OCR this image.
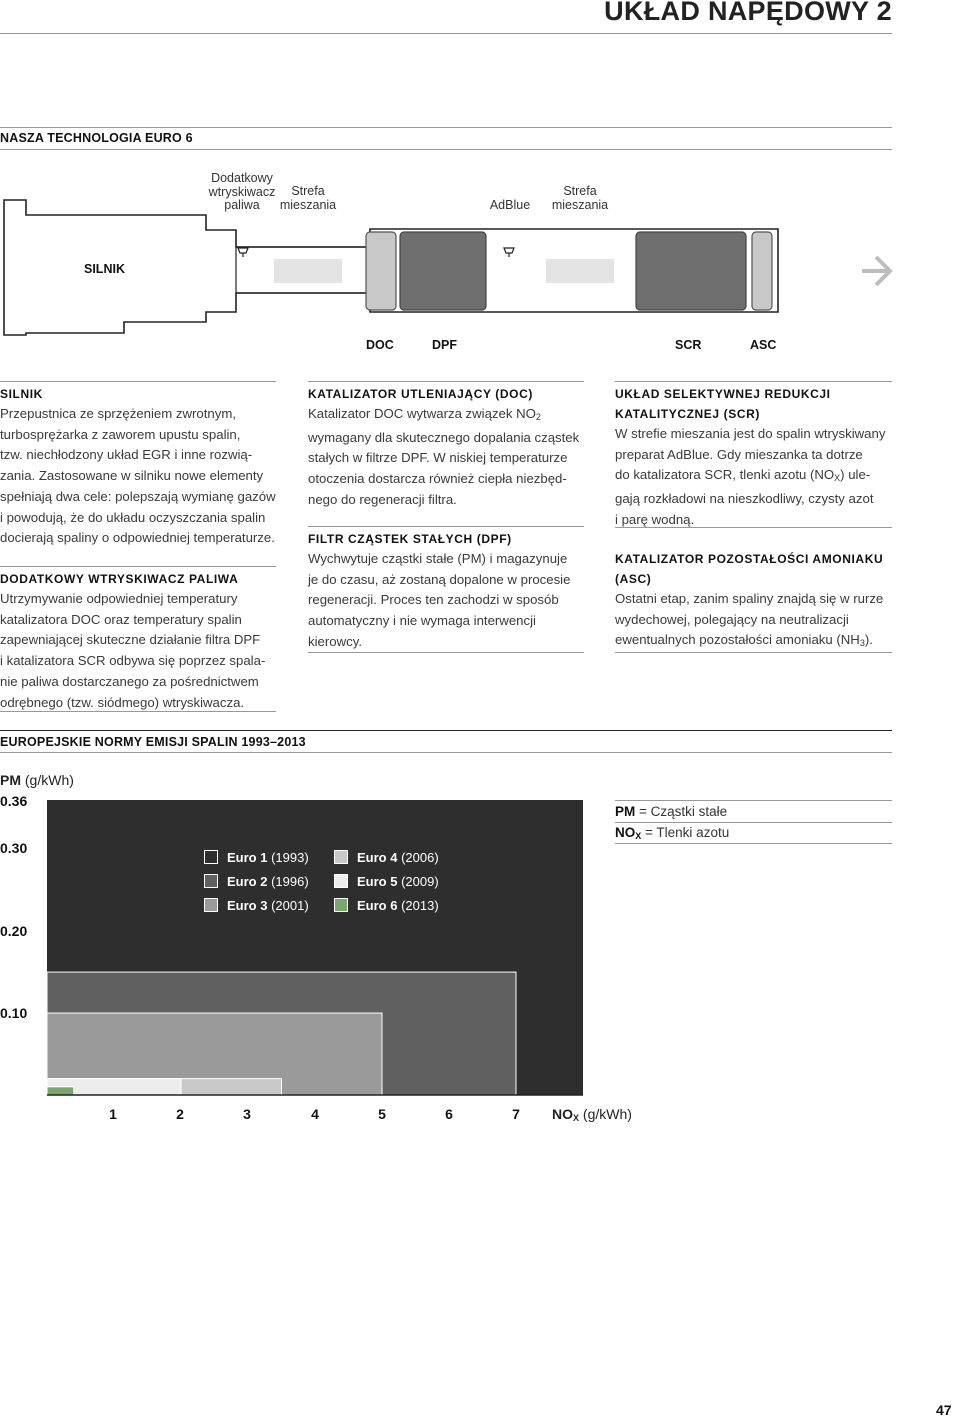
UKŁAD NAPĘDOWY 2
NASZA TECHNOLOGIA EURO 6
Dodatkowy
wtryskiwacz
paliwa
Strefa
mieszania	AdBlue
Strefa
mieszania
SILNIK
DOC	DPF	SCR	ASC

SILNIK

Przepustnica ze sprzężeniem zwrotnym,
turbosprężarka z zaworem upustu spalin,
tzw. niechłodzony układ EGR i inne rozwią-
zania. Zastosowane w silniku nowe elementy
spełniają dwa cele: polepszają wymianę gazów
i powodują, że do układu oczyszczania spalin
docierają spaliny o odpowiedniej temperaturze.

DODATKOWY WTRYSKIWACZ PALIWA

Utrzymywanie odpowiedniej temperatury
katalizatora DOC oraz temperatury spalin
zapewniającej skuteczne działanie filtra DPF
i katalizatora SCR odbywa się poprzez spala-
nie paliwa dostarczanego za pośrednictwem
odrębnego (tzw. siódmego) wtryskiwacza.

KATALIZATOR UTLENIAJĄCY (DOC)

Katalizator DOC wytwarza związek NO2
wymagany dla skutecznego dopalania cząstek
stałych w filtrze DPF. W niskiej temperaturze
otoczenia dostarcza również ciepła niezbęd-
nego do regeneracji filtra.

FILTR CZĄSTEK STAŁYCH (DPF)

Wychwytuje cząstki stałe (PM) i magazynuje
je do czasu, aż zostaną dopalone w procesie
regeneracji. Proces ten zachodzi w sposób
automatyczny i nie wymaga interwencji
kierowcy.

UKŁAD SELEKTYWNEJ REDUKCJI

KATALITYCZNEJ (SCR)

W strefie mieszania jest do spalin wtryskiwany
preparat AdBlue. Gdy mieszanka ta dotrze
do katalizatora SCR, tlenki azotu (NOX) ule-
gają rozkładowi na nieszkodliwy, czysty azot
i parę wodną.

KATALIZATOR POZOSTAŁOŚCI AMONIAKU

(ASC)

Ostatni etap, zanim spaliny znajdą się w rurze
wydechowej, polegający na neutralizacji
ewentualnych pozostałości amoniaku (NH3).

EUROPEJSKIE NORMY EMISJI SPALIN 1993–2013
PM (g/kWh)
0.36
0.30
0.20
0.10
Euro 1 (1993)
Euro 2 (1996)
Euro 3 (2001)
Euro 4 (2006)
Euro 5 (2009)
Euro 6 (2013)
1	2	3	4	5	6	7	NOX (g/kWh)
PM = Cząstki stałe
NOX = Tlenki azotu
47
